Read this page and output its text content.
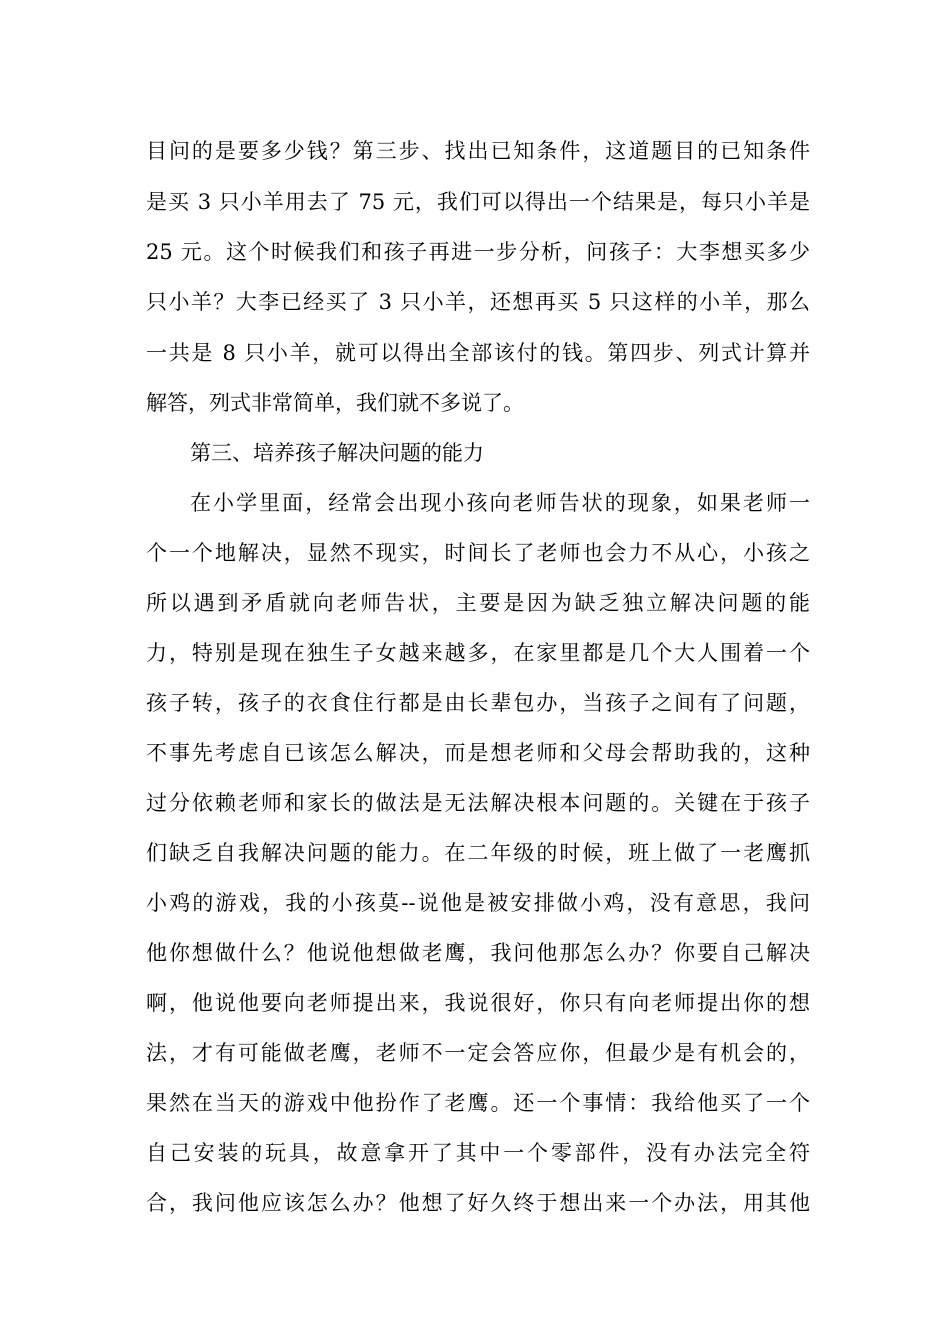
目问的是要多少钱？第三步、找出已知条件，这道题目的已知条件
是买 3 只小羊用去了 75 元，我们可以得出一个结果是，每只小羊是
25 元。这个时候我们和孩子再进一步分析，问孩子：大李想买多少
只小羊？大李已经买了 3 只小羊，还想再买 5 只这样的小羊，那么
一共是 8 只小羊，就可以得出全部该付的钱。第四步、列式计算并
解答，列式非常简单，我们就不多说了。
第三、培养孩子解决问题的能力
在小学里面，经常会出现小孩向老师告状的现象，如果老师一
个一个地解决，显然不现实，时间长了老师也会力不从心，小孩之
所以遇到矛盾就向老师告状，主要是因为缺乏独立解决问题的能
力，特别是现在独生子女越来越多，在家里都是几个大人围着一个
孩子转，孩子的衣食住行都是由长辈包办，当孩子之间有了问题，
不事先考虑自已该怎么解决，而是想老师和父母会帮助我的，这种
过分依赖老师和家长的做法是无法解决根本问题的。关键在于孩子
们缺乏自我解决问题的能力。在二年级的时候，班上做了一老鹰抓
小鸡的游戏，我的小孩莫--说他是被安排做小鸡，没有意思，我问
他你想做什么？他说他想做老鹰，我问他那怎么办？你要自己解决
啊，他说他要向老师提出来，我说很好，你只有向老师提出你的想
法，才有可能做老鹰，老师不一定会答应你，但最少是有机会的，
果然在当天的游戏中他扮作了老鹰。还一个事情：我给他买了一个
自己安装的玩具，故意拿开了其中一个零部件，没有办法完全符
合，我问他应该怎么办？他想了好久终于想出来一个办法，用其他
